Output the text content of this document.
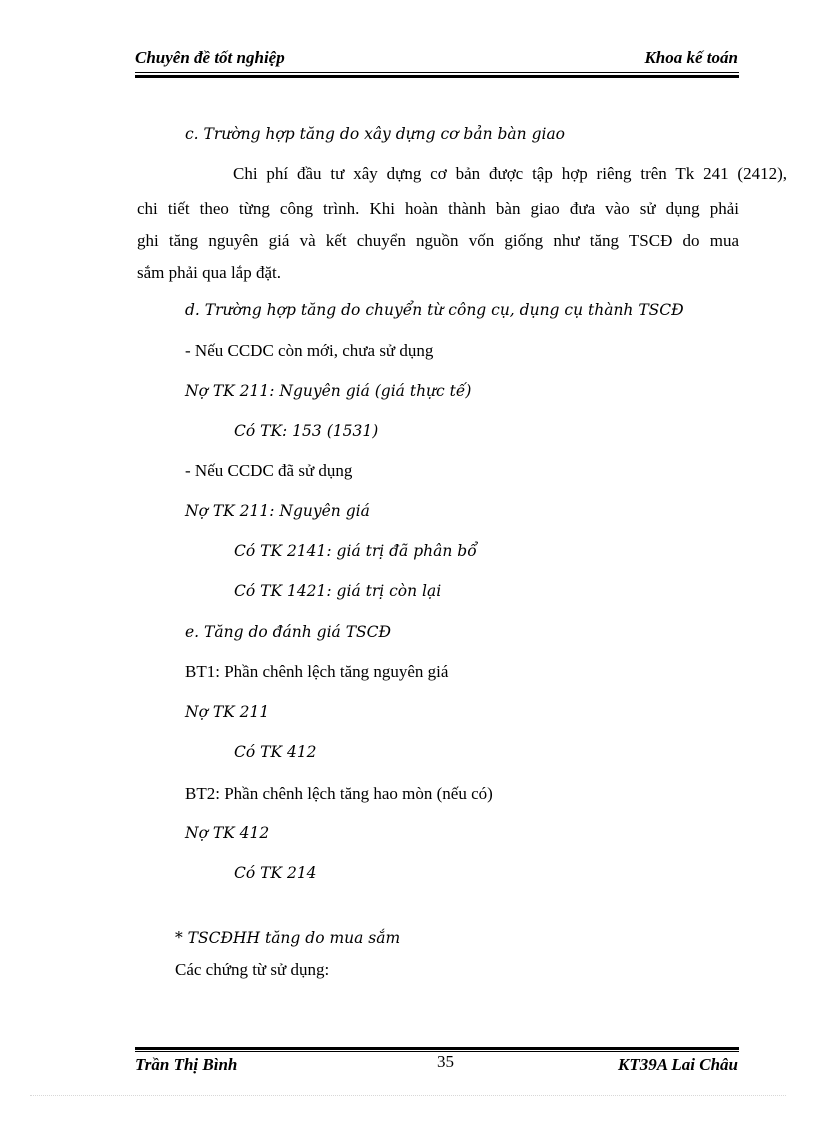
Chuyên đề tốt nghiệp	Khoa kế toán
c. Trường hợp tăng do xây dựng cơ bản bàn giao
Chi phí đầu tư xây dựng cơ bản được tập hợp riêng trên Tk 241 (2412),
chi tiết theo từng công trình. Khi hoàn thành bàn giao đưa vào sử dụng phải
ghi tăng nguyên giá và kết chuyển nguồn vốn giống như tăng TSCĐ do mua
sắm phải qua lắp đặt.
d. Trường hợp tăng do chuyển từ công cụ, dụng cụ thành TSCĐ
- Nếu CCDC còn mới, chưa sử dụng
Nợ TK 211: Nguyên giá (giá thực tế)
Có TK: 153 (1531)
- Nếu CCDC đã sử dụng
Nợ TK 211: Nguyên giá
Có TK 2141: giá trị đã phân bổ
Có TK 1421: giá trị còn lại
e. Tăng do đánh giá TSCĐ
BT1: Phần chênh lệch tăng nguyên giá
Nợ TK 211
Có TK 412
BT2: Phần chênh lệch tăng hao mòn (nếu có)
Nợ TK 412
Có TK 214
* TSCĐHH tăng do mua sắm
Các chứng từ sử dụng:
Trần Thị Bình	35	KT39A Lai Châu
